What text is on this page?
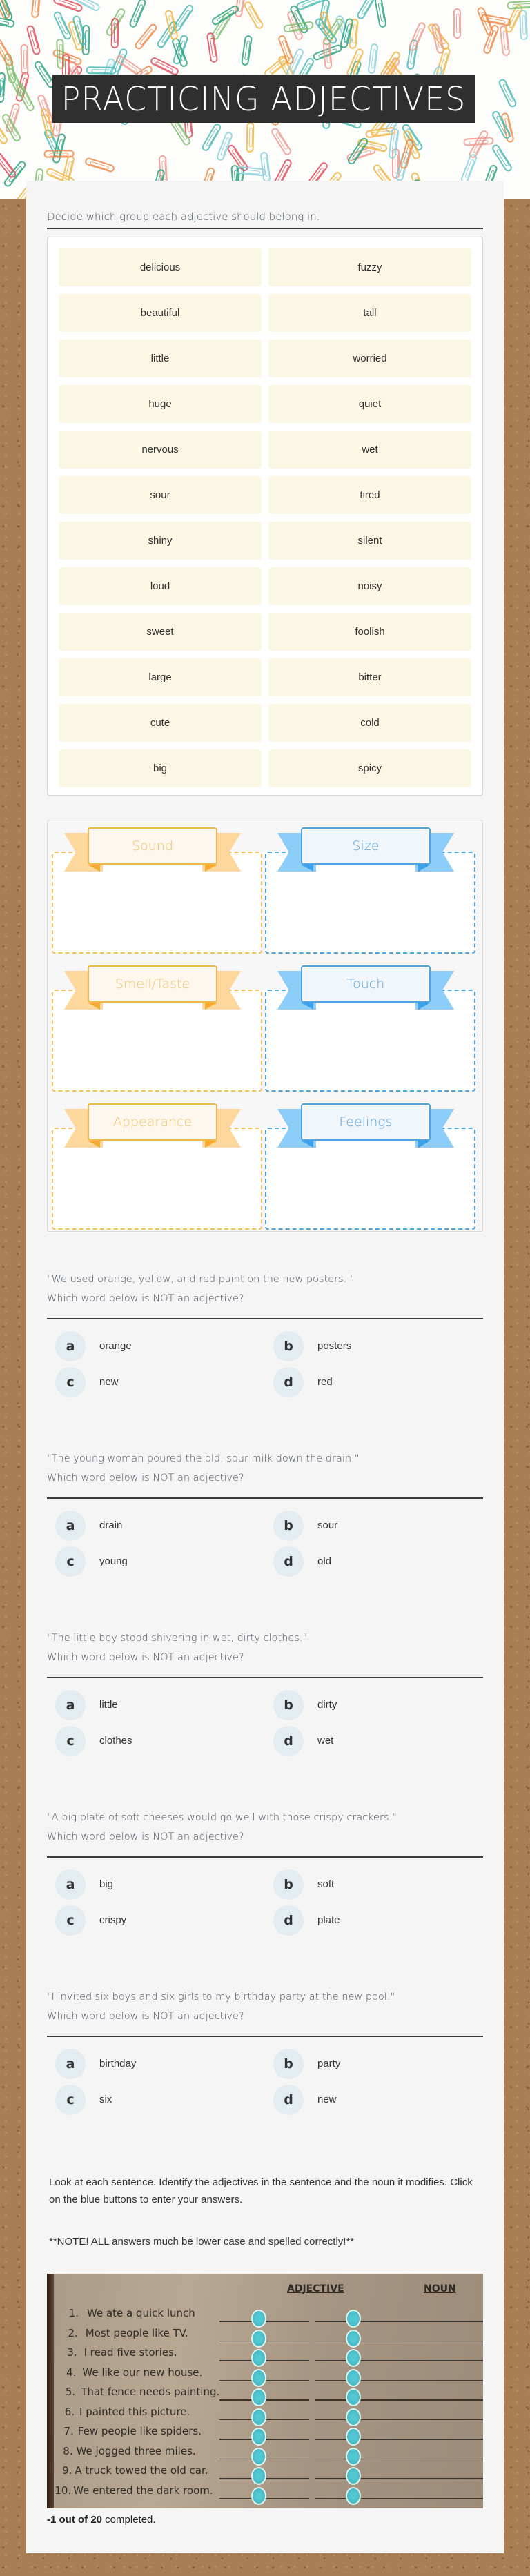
PRACTICING ADJECTIVES
Decide which group each adjective should belong in.
delicious	fuzzy
beautiful	tall
little	worried
huge	quiet
nervous	wet
sour	tired
shiny	silent
loud	noisy
sweet	foolish
large	bitter
cute	cold
big	spicy
Sound	Size
Smell/Taste	Touch
Appearance	Feelings
"We used orange, yellow, and red paint on the new posters. "
Which word below is NOT an adjective?
a	orange	b	posters
c	new	d	red
"The young woman poured the old, sour milk down the drain."
Which word below is NOT an adjective?
a	drain	b	sour
c	young	d	old
"The little boy stood shivering in wet, dirty clothes."
Which word below is NOT an adjective?
a	little	b	dirty
c	clothes	d	wet
"A big plate of soft cheeses would go well with those crispy crackers."
Which word below is NOT an adjective?
a	big	b	soft
c	crispy	d	plate
"I invited six boys and six girls to my birthday party at the new pool."
Which word below is NOT an adjective?
a	birthday	b	party
c	six	d	new
Look at each sentence. Identify the adjectives in the sentence and the noun it modifies. Click on the blue buttons to enter your answers.
**NOTE! ALL answers much be lower case and spelled correctly!**
ADJECTIVE	NOUN
1. We ate a quick lunch
2. Most people like TV.
3. I read five stories.
4. We like our new house.
5. That fence needs painting.
6. I painted this picture.
7. Few people like spiders.
8. We jogged three miles.
9. A truck towed the old car.
10. We entered the dark room.
-1 out of 20 completed.
